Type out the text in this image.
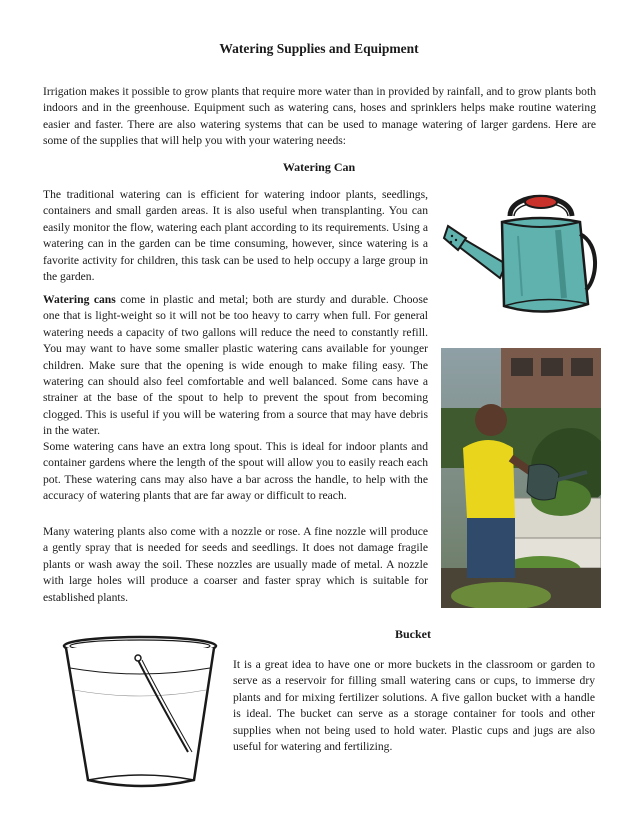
Watering Supplies and Equipment

Irrigation makes it possible to grow plants that require more water than in provided by rainfall, and to grow plants both indoors and in the greenhouse. Equipment such as watering cans, hoses and sprinklers helps make routine watering easier and faster. There are also watering systems that can be used to manage watering of larger gardens. Here are some of the supplies that will help you with your watering needs:

Watering Can

The traditional watering can is efficient for watering indoor plants, seedlings, containers and small garden areas. It is also useful when transplanting. You can easily monitor the flow, watering each plant according to its requirements. Using a watering can in the garden can be time consuming, however, since watering is a favorite activity for children, this task can be used to help occupy a large group in the garden.

Watering cans come in plastic and metal; both are sturdy and durable. Choose one that is light-weight so it will not be too heavy to carry when full. For general watering needs a capacity of two gallons will reduce the need to constantly refill. You may want to have some smaller plastic watering cans available for younger children. Make sure that the opening is wide enough to make filing easy. The watering can should also feel comfortable and well balanced. Some cans have a strainer at the base of the spout to help to prevent the spout from becoming clogged. This is useful if you will be watering from a source that may have debris in the water.

Some watering cans have an extra long spout. This is ideal for indoor plants and container gardens where the length of the spout will allow you to easily reach each pot. These watering cans may also have a bar across the handle, to help with the accuracy of watering plants that are far away or difficult to reach.

Many watering plants also come with a nozzle or rose. A fine nozzle will produce a gently spray that is needed for seeds and seedlings. It does not damage fragile plants or wash away the soil. These nozzles are usually made of metal. A nozzle with large holes will produce a coarser and faster spray which is suitable for established plants.

Bucket

It is a great idea to have one or more buckets in the classroom or garden to serve as a reservoir for filling small watering cans or cups, to immerse dry plants and for mixing fertilizer solutions. A five gallon bucket with a handle is ideal. The bucket can serve as a storage container for tools and other supplies when not being used to hold water. Plastic cups and jugs are also useful for watering and fertilizing.
